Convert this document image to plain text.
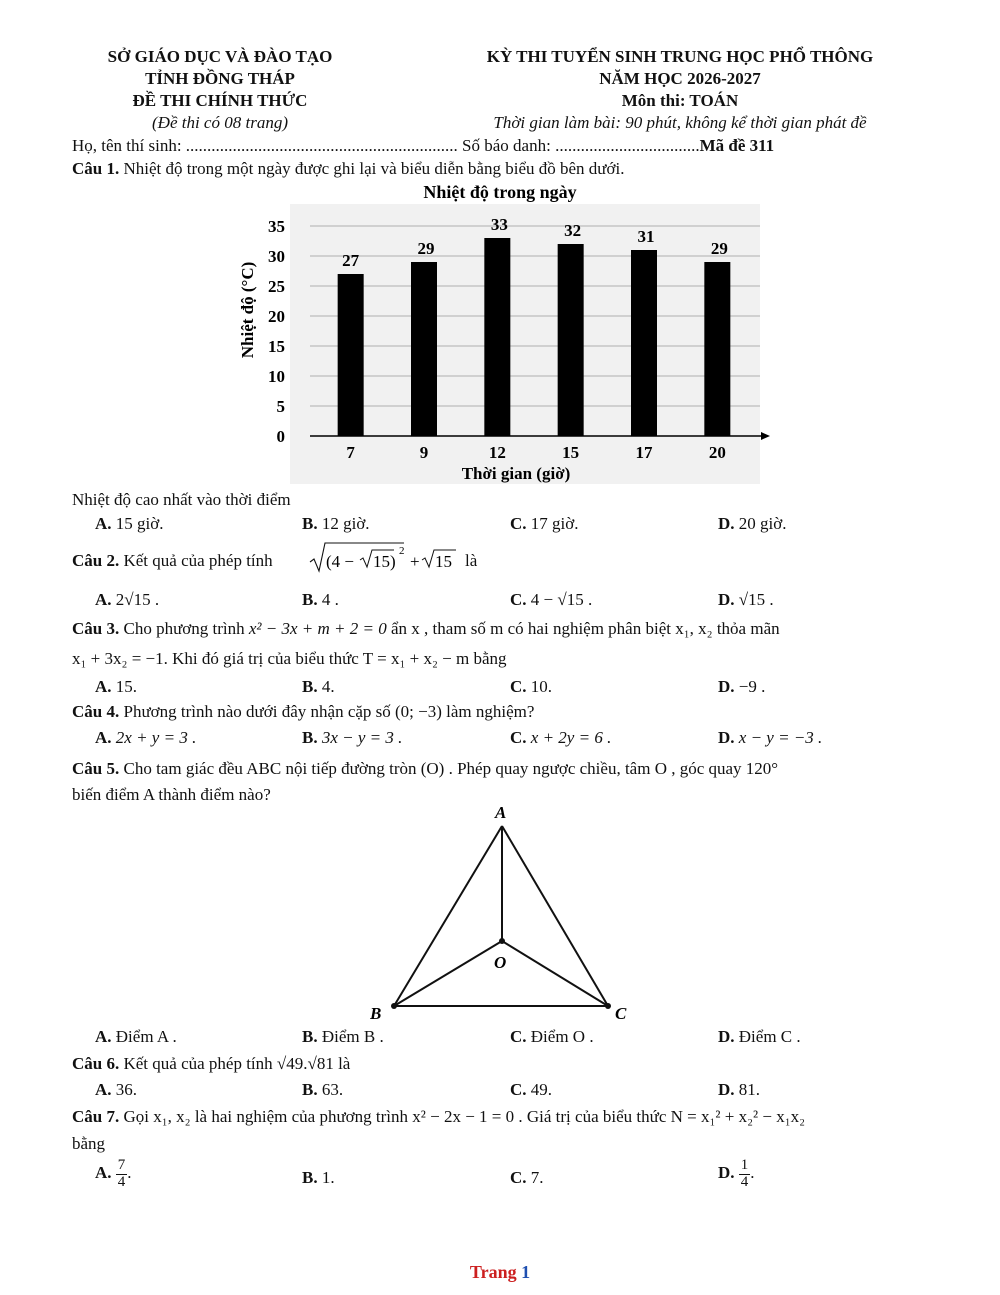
SỞ GIÁO DỤC VÀ ĐÀO TẠO
TỈNH ĐỒNG THÁP
ĐỀ THI CHÍNH THỨC
(Đề thi có 08 trang)
KỲ THI TUYỂN SINH TRUNG HỌC PHỔ THÔNG
NĂM HỌC 2026-2027
Môn thi: TOÁN
Thời gian làm bài: 90 phút, không kể thời gian phát đề
Họ, tên thí sinh: ................................................................ Số báo danh: ..................................Mã đề 311
Câu 1. Nhiệt độ trong một ngày được ghi lại và biểu diễn bằng biểu đồ bên dưới.
Nhiệt độ trong ngày
0
5
10
15
20
25
30
35
7	9	12	15	17	20
27
29
33	32	31
29
Thời gian (giờ)
Nhiệt độ (°C)
Nhiệt độ cao nhất vào thời điểm
A. 15 giờ.	B. 12 giờ.	C. 17 giờ.	D. 20 giờ.
Câu 2. Kết quả của phép tính	(4 − 15)
2
+ 15 là
A. 2√15 .	B. 4 .	C. 4 − √15 .	D. √15 .
Câu 3. Cho phương trình x² − 3x + m + 2 = 0 ẩn x , tham số m có hai nghiệm phân biệt x₁, x₂ thỏa mãn
x₁ + 3x₂ = −1. Khi đó giá trị của biểu thức T = x₁ + x₂ − m bằng
A. 15.	B. 4.	C. 10.	D. −9 .
Câu 4. Phương trình nào dưới đây nhận cặp số (0; −3) làm nghiệm?
A. 2x + y = 3 .	B. 3x − y = 3 .	C. x + 2y = 6 .	D. x − y = −3 .
Câu 5. Cho tam giác đều ABC nội tiếp đường tròn (O) . Phép quay ngược chiều, tâm O , góc quay 120°
biến điểm A thành điểm nào?
A
B	C
O
A. Điểm A .	B. Điểm B .	C. Điểm O .	D. Điểm C .
Câu 6. Kết quả của phép tính √49.√81 là
A. 36.	B. 63.	C. 49.	D. 81.
Câu 7. Gọi x₁, x₂ là hai nghiệm của phương trình x² − 2x − 1 = 0 . Giá trị của biểu thức N = x₁² + x₂² − x₁x₂
bằng
A. $\frac{7}{4}$ .	B. 1.	C. 7.	D. $\frac{1}{4}$ .
Trang 1
